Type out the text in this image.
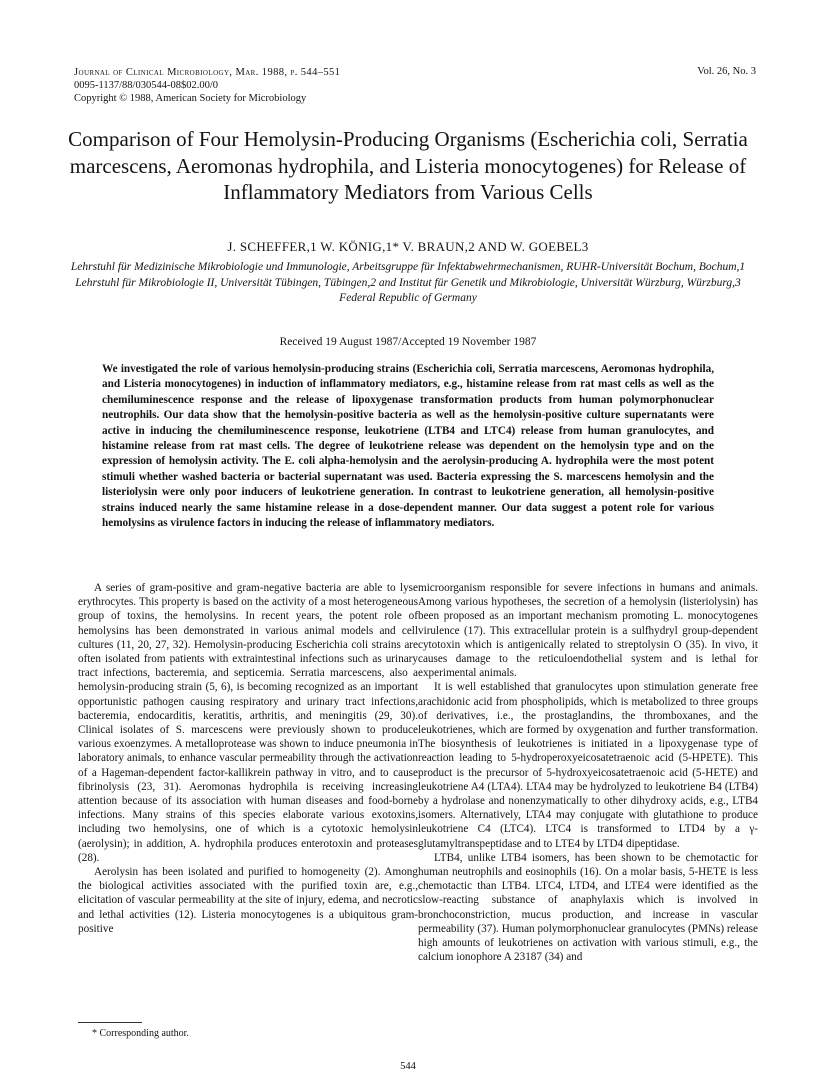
Journal of Clinical Microbiology, Mar. 1988, p. 544–551
0095-1137/88/030544-08$02.00/0
Copyright © 1988, American Society for Microbiology
Vol. 26, No. 3
Comparison of Four Hemolysin-Producing Organisms (Escherichia coli, Serratia marcescens, Aeromonas hydrophila, and Listeria monocytogenes) for Release of Inflammatory Mediators from Various Cells
J. SCHEFFER,1 W. KÖNIG,1* V. BRAUN,2 AND W. GOEBEL3
Lehrstuhl für Medizinische Mikrobiologie und Immunologie, Arbeitsgruppe für Infektabwehrmechanismen, RUHR-Universität Bochum, Bochum,1 Lehrstuhl für Mikrobiologie II, Universität Tübingen, Tübingen,2 and Institut für Genetik und Mikrobiologie, Universität Würzburg, Würzburg,3 Federal Republic of Germany
Received 19 August 1987/Accepted 19 November 1987
We investigated the role of various hemolysin-producing strains (Escherichia coli, Serratia marcescens, Aeromonas hydrophila, and Listeria monocytogenes) in induction of inflammatory mediators, e.g., histamine release from rat mast cells as well as the chemiluminescence response and the release of lipoxygenase transformation products from human polymorphonuclear neutrophils. Our data show that the hemolysin-positive bacteria as well as the hemolysin-positive culture supernatants were active in inducing the chemiluminescence response, leukotriene (LTB4 and LTC4) release from human granulocytes, and histamine release from rat mast cells. The degree of leukotriene release was dependent on the hemolysin type and on the expression of hemolysin activity. The E. coli alpha-hemolysin and the aerolysin-producing A. hydrophila were the most potent stimuli whether washed bacteria or bacterial supernatant was used. Bacteria expressing the S. marcescens hemolysin and the listeriolysin were only poor inducers of leukotriene generation. In contrast to leukotriene generation, all hemolysin-positive strains induced nearly the same histamine release in a dose-dependent manner. Our data suggest a potent role for various hemolysins as virulence factors in inducing the release of inflammatory mediators.

A series of gram-positive and gram-negative bacteria are able to lyse erythrocytes. This property is based on the activity of a most heterogeneous group of toxins, the hemolysins. In recent years, the potent role of hemolysins has been demonstrated in various animal models and cell cultures (11, 20, 27, 32). Hemolysin-producing Escherichia coli strains are often isolated from patients with extraintestinal infections such as urinary tract infections, bacteremia, and septicemia. Serratia marcescens, also a hemolysin-producing strain (5, 6), is becoming recognized as an important opportunistic pathogen causing respiratory and urinary tract infections, bacteremia, endocarditis, keratitis, arthritis, and meningitis (29, 30). Clinical isolates of S. marcescens were previously shown to produce various exoenzymes. A metalloprotease was shown to induce pneumonia in laboratory animals, to enhance vascular permeability through the activation of a Hageman-dependent factor-kallikrein pathway in vitro, and to cause fibrinolysis (23, 31). Aeromonas hydrophila is receiving increasing attention because of its association with human diseases and food-borne infections. Many strains of this species elaborate various exotoxins, including two hemolysins, one of which is a cytotoxic hemolysin (aerolysin); in addition, A. hydrophila produces enterotoxin and proteases (28).

Aerolysin has been isolated and purified to homogeneity (2). Among the biological activities associated with the purified toxin are, e.g., elicitation of vascular permeability at the site of injury, edema, and necrotic and lethal activities (12). Listeria monocytogenes is a ubiquitous gram-positive

microorganism responsible for severe infections in humans and animals. Among various hypotheses, the secretion of a hemolysin (listeriolysin) has been proposed as an important mechanism promoting L. monocytogenes virulence (17). This extracellular protein is a sulfhydryl group-dependent cytotoxin which is antigenically related to streptolysin O (35). In vivo, it causes damage to the reticuloendothelial system and is lethal for experimental animals.

It is well established that granulocytes upon stimulation generate free arachidonic acid from phospholipids, which is metabolized to three groups of derivatives, i.e., the prostaglandins, the thromboxanes, and the leukotrienes, which are formed by oxygenation and further transformation. The biosynthesis of leukotrienes is initiated in a lipoxygenase type of reaction leading to 5-hydroperoxyeicosatetraenoic acid (5-HPETE). This product is the precursor of 5-hydroxyeicosatetraenoic acid (5-HETE) and leukotriene A4 (LTA4). LTA4 may be hydrolyzed to leukotriene B4 (LTB4) by a hydrolase and nonenzymatically to other dihydroxy acids, e.g., LTB4 isomers. Alternatively, LTA4 may conjugate with glutathione to produce leukotriene C4 (LTC4). LTC4 is transformed to LTD4 by a γ-glutamyltranspeptidase and to LTE4 by LTD4 dipeptidase.

LTB4, unlike LTB4 isomers, has been shown to be chemotactic for human neutrophils and eosinophils (16). On a molar basis, 5-HETE is less chemotactic than LTB4. LTC4, LTD4, and LTE4 were identified as the slow-reacting substance of anaphylaxis which is involved in bronchoconstriction, mucus production, and increase in vascular permeability (37). Human polymorphonuclear granulocytes (PMNs) release high amounts of leukotrienes on activation with various stimuli, e.g., the calcium ionophore A 23187 (34) and

* Corresponding author.
544
